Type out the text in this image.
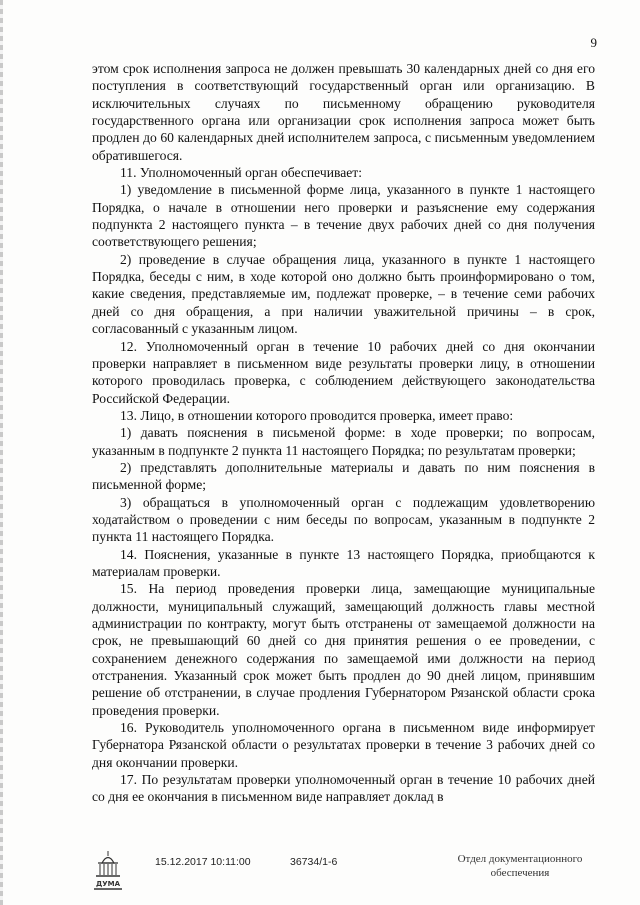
9

этом срок исполнения запроса не должен превышать 30 календарных дней со дня его поступления в соответствующий государственный орган или организацию. В исключительных случаях по письменному обращению руководителя государственного органа или организации срок исполнения запроса может быть продлен до 60 календарных дней исполнителем запроса, с письменным уведомлением обратившегося.

11. Уполномоченный орган обеспечивает:

1) уведомление в письменной форме лица, указанного в пункте 1 настоящего Порядка, о начале в отношении него проверки и разъяснение ему содержания подпункта 2 настоящего пункта – в течение двух рабочих дней со дня получения соответствующего решения;

2) проведение в случае обращения лица, указанного в пункте 1 настоящего Порядка, беседы с ним, в ходе которой оно должно быть проинформировано о том, какие сведения, представляемые им, подлежат проверке, – в течение семи рабочих дней со дня обращения, а при наличии уважительной причины – в срок, согласованный с указанным лицом.

12. Уполномоченный орган в течение 10 рабочих дней со дня окончании проверки направляет в письменном виде результаты проверки лицу, в отношении которого проводилась проверка, с соблюдением действующего законодательства Российской Федерации.

13. Лицо, в отношении которого проводится проверка, имеет право:

1) давать пояснения в письменой форме: в ходе проверки; по вопросам, указанным в подпункте 2 пункта 11 настоящего Порядка; по результатам проверки;

2) представлять дополнительные материалы и давать по ним пояснения в письменной форме;

3) обращаться в уполномоченный орган с подлежащим удовлетворению ходатайством о проведении с ним беседы по вопросам, указанным в подпункте 2 пункта 11 настоящего Порядка.

14. Пояснения, указанные в пункте 13 настоящего Порядка, приобщаются к материалам проверки.

15. На период проведения проверки лица, замещающие муниципальные должности, муниципальный служащий, замещающий должность главы местной администрации по контракту, могут быть отстранены от замещаемой должности на срок, не превышающий 60 дней со дня принятия решения о ее проведении, с сохранением денежного содержания по замещаемой ими должности на период отстранения. Указанный срок может быть продлен до 90 дней лицом, принявшим решение об отстранении, в случае продления Губернатором Рязанской области срока проведения проверки.

16. Руководитель уполномоченного органа в письменном виде информирует Губернатора Рязанской области о результатах проверки в течение 3 рабочих дней со дня окончании проверки.

17. По результатам проверки уполномоченный орган в течение 10 рабочих дней со дня ее окончания в письменном виде направляет доклад в

ДУМА
15.12.2017 10:11:00	36734/1-6	Отдел документационного
обеспечения
